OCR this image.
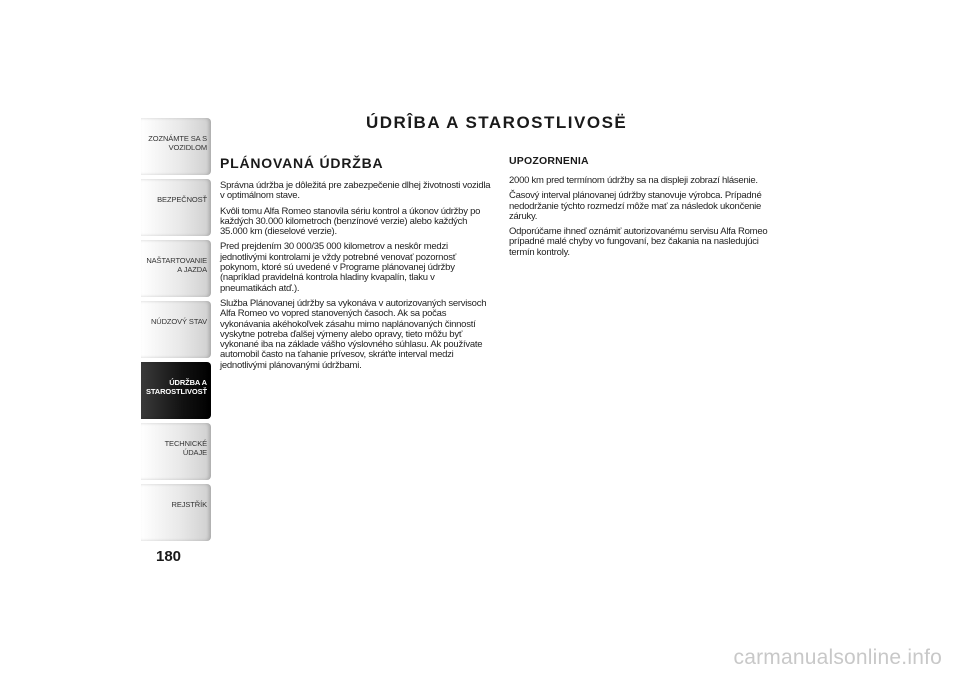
ZOZNÁMTE SA S VOZIDLOM
BEZPEČNOSŤ
NAŠTARTOVANIE A JAZDA
NÚDZOVÝ STAV
ÚDRŽBA A STAROSTLIVOSŤ
TECHNICKÉ ÚDAJE
REJSTŘÍK
180
ÚDRÎBA A STAROSTLIVOSË
PLÁNOVANÁ ÚDRŽBA

Správna údržba je dôležitá pre zabezpečenie dlhej životnosti vozidla v optimálnom stave.

Kvôli tomu Alfa Romeo stanovila sériu kontrol a úkonov údržby po každých 30.000 kilometroch (benzínové verzie) alebo každých 35.000 km (dieselové verzie).

Pred prejdením 30 000/35 000 kilometrov a neskôr medzi jednotlivými kontrolami je vždy potrebné venovať pozornosť pokynom, ktoré sú uvedené v Programe plánovanej údržby (napríklad pravidelná kontrola hladiny kvapalín, tlaku v pneumatikách atď.).

Služba Plánovanej údržby sa vykonáva v autorizovaných servisoch Alfa Romeo vo vopred stanovených časoch. Ak sa počas vykonávania akéhokoľvek zásahu mimo naplánovaných činností vyskytne potreba ďalšej výmeny alebo opravy, tieto môžu byť vykonané iba na základe vášho výslovného súhlasu. Ak používate automobil často na ťahanie prívesov, skráťte interval medzi jednotlivými plánovanými údržbami.

UPOZORNENIA

2000 km pred termínom údržby sa na displeji zobrazí hlásenie.

Časový interval plánovanej údržby stanovuje výrobca. Prípadné nedodržanie týchto rozmedzí môže mať za následok ukončenie záruky.

Odporúčame ihneď oznámiť autorizovanému servisu Alfa Romeo prípadné malé chyby vo fungovaní, bez čakania na nasledujúci termín kontroly.

carmanualsonline.info
